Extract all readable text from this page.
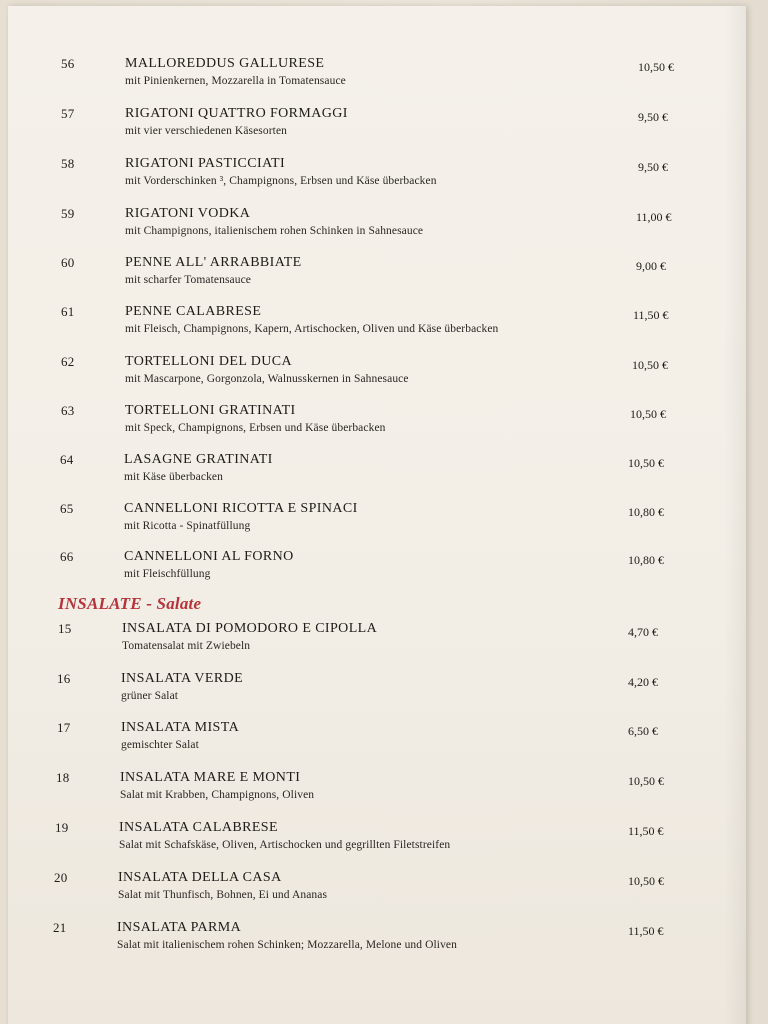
56	MALLOREDDUS GALLURESE
mit Pinienkernen, Mozzarella in Tomatensauce
10,50 €
57	RIGATONI QUATTRO FORMAGGI
mit vier verschiedenen Käsesorten
9,50 €
58	RIGATONI PASTICCIATI
mit Vorderschinken ³, Champignons, Erbsen und Käse überbacken
9,50 €
59	RIGATONI VODKA
mit Champignons, italienischem rohen Schinken in Sahnesauce
11,00 €
60	PENNE ALL' ARRABBIATE
mit scharfer Tomatensauce
9,00 €
61	PENNE CALABRESE
mit Fleisch, Champignons, Kapern, Artischocken, Oliven und Käse überbacken
11,50 €
62	TORTELLONI DEL DUCA
mit Mascarpone, Gorgonzola, Walnusskernen in Sahnesauce
10,50 €
63	TORTELLONI GRATINATI
mit Speck, Champignons, Erbsen und Käse überbacken
10,50 €
64	LASAGNE GRATINATI
mit Käse überbacken
10,50 €
65	CANNELLONI RICOTTA E SPINACI
mit Ricotta - Spinatfüllung
10,80 €
66	CANNELLONI AL FORNO
mit Fleischfüllung
10,80 €
INSALATE - Salate
15	INSALATA DI POMODORO E CIPOLLA
Tomatensalat mit Zwiebeln
4,70 €
16	INSALATA VERDE
grüner Salat
4,20 €
17	INSALATA MISTA
gemischter Salat
6,50 €
18	INSALATA MARE E MONTI
Salat mit Krabben, Champignons, Oliven
10,50 €
19	INSALATA CALABRESE
Salat mit Schafskäse, Oliven, Artischocken und gegrillten Filetstreifen
11,50 €
20	INSALATA DELLA CASA
Salat mit Thunfisch, Bohnen, Ei und Ananas
10,50 €
21	INSALATA PARMA
Salat mit italienischem rohen Schinken; Mozzarella, Melone und Oliven
11,50 €
